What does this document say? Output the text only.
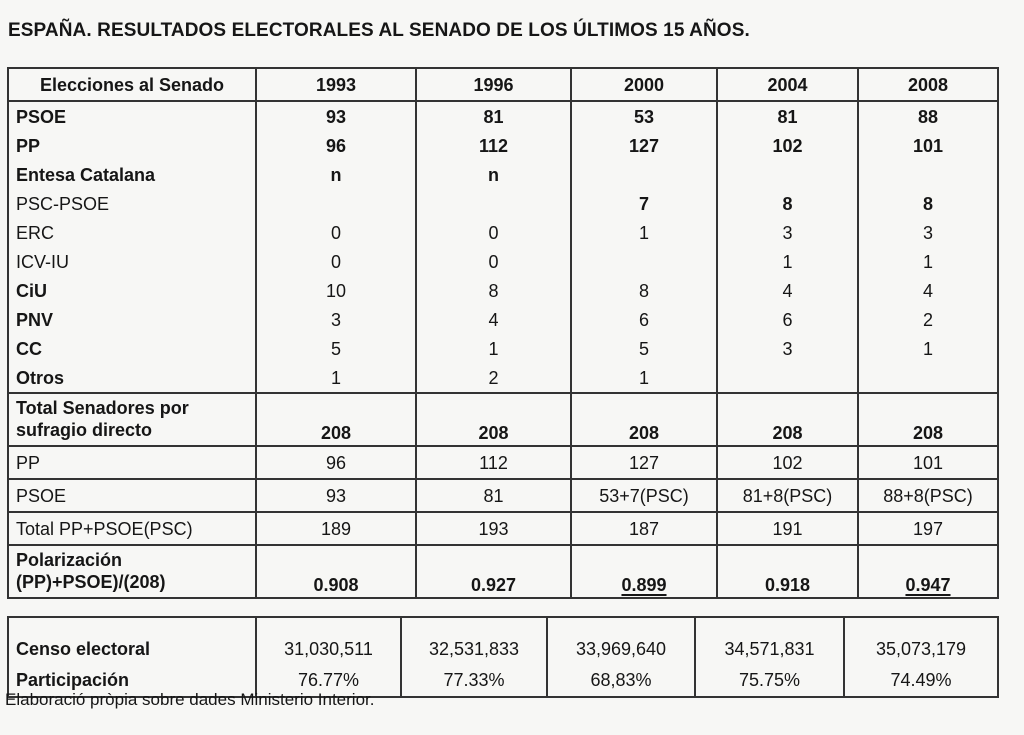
ESPAÑA. RESULTADOS ELECTORALES AL SENADO DE LOS ÚLTIMOS 15 AÑOS.
Elecciones al Senado	1993	1996	2000	2004	2008
PSOE	93	81	53	81	88
PP	96	112	127	102	101
Entesa Catalana	n	n			
PSC-PSOE			7	8	8
ERC	0	0	1	3	3
ICV-IU	0	0		1	1
CiU	10	8	8	4	4
PNV	3	4	6	6	2
CC	5	1	5	3	1
Otros	1	2	1		

Total Senadores por
sufragio directo	208	208	208	208	208
PP	96	112	127	102	101
PSOE	93	81	53+7(PSC)	81+8(PSC)	88+8(PSC)
Total PP+PSOE(PSC)	189	193	187	191	197

Polarización
(PP)+PSOE)/(208)	0.908	0.927	0.899	0.918	0.947
Censo electoral	31,030,511	32,531,833	33,969,640	34,571,831	35,073,179
Participación	76.77%	77.33%	68,83%	75.75%	74.49%
Elaboració pròpia sobre dades Ministerio Interior.
